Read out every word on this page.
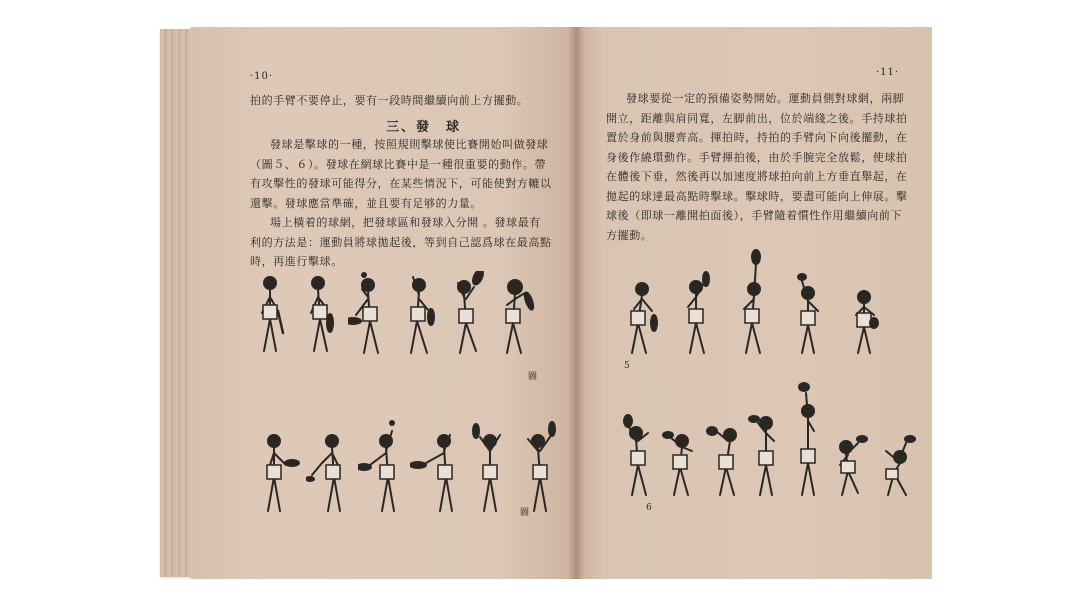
·10·
拍的手臂不要停止，要有一段時間繼續向前上方擺動。
三、發　球
發球是擊球的一種，按照規則擊球使比賽開始叫做發球
（圖５、６）。發球在網球比賽中是一種很重要的動作。帶
有攻擊性的發球可能得分，在某些情況下，可能使對方轆以
還擊。發球應當準確，並且要有足够的力量。
場上橫着的球網，把發球區和發球入分開 。發球最有
利的方法是：運動員將球拋起後，等到自己認爲球在最高點
時，再進行擊球。
圖
圖
·11·
發球要從一定的預備姿勢開始。運動員側對球網，兩脚
開立，距離與肩同寬，左脚前出，位於端綫之後。手持球拍
置於身前與腰齊高。揮拍時，持拍的手臂向下向後擺動，在
身後作繞環動作。手臂揮拍後，由於手腕完全放鬆，使球拍
在體後下垂，然後再以加速度將球拍向前上方垂直舉起，在
拋起的球達最高點時擊球。擊球時，要盡可能向上伸展。擊
球後（即球一離開拍面後），手臂隨着慣性作用繼續向前下
方擺動。
5
6
